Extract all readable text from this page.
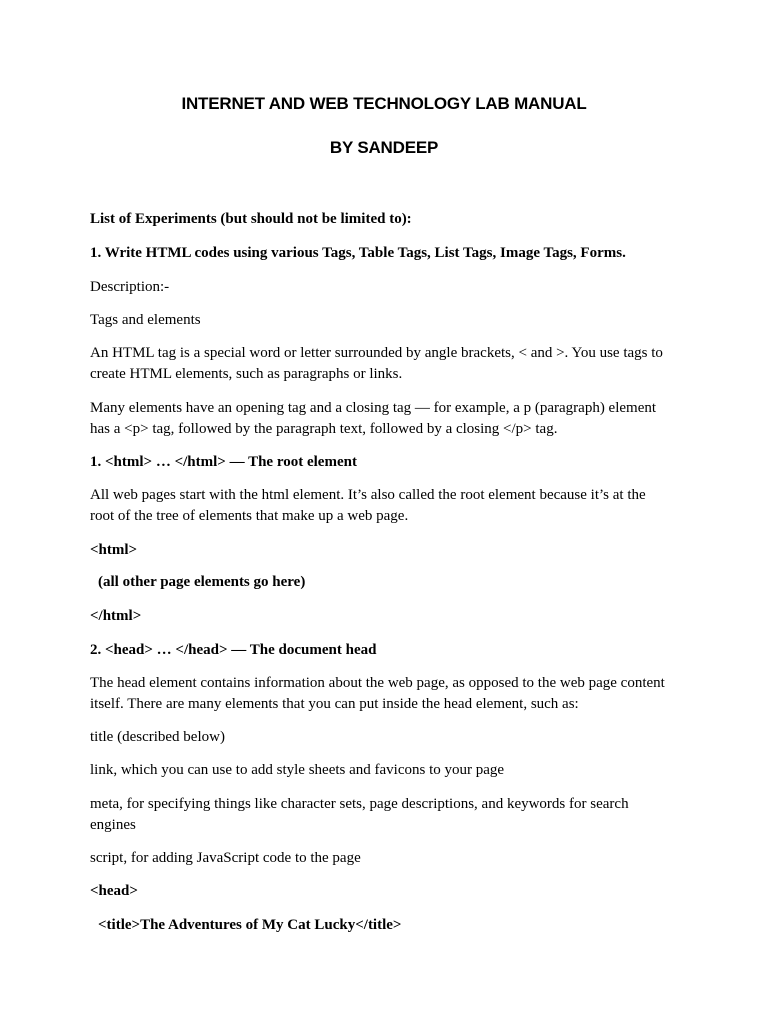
INTERNET AND WEB TECHNOLOGY LAB MANUAL
BY SANDEEP

List of Experiments (but should not be limited to):

1. Write HTML codes using various Tags, Table Tags, List Tags, Image Tags, Forms.

Description:-

Tags and elements

An HTML tag is a special word or letter surrounded by angle brackets, < and >. You use tags to

create HTML elements, such as paragraphs or links.

Many elements have an opening tag and a closing tag — for example, a p (paragraph) element

has a <p> tag, followed by the paragraph text, followed by a closing </p> tag.

1. <html> … </html> — The root element

All web pages start with the html element. It’s also called the root element because it’s at the

root of the tree of elements that make up a web page.

<html>

(all other page elements go here)

</html>

2. <head> … </head> — The document head

The head element contains information about the web page, as opposed to the web page content

itself. There are many elements that you can put inside the head element, such as:

title (described below)

link, which you can use to add style sheets and favicons to your page

meta, for specifying things like character sets, page descriptions, and keywords for search

engines

script, for adding JavaScript code to the page

<head>

<title>The Adventures of My Cat Lucky</title>
